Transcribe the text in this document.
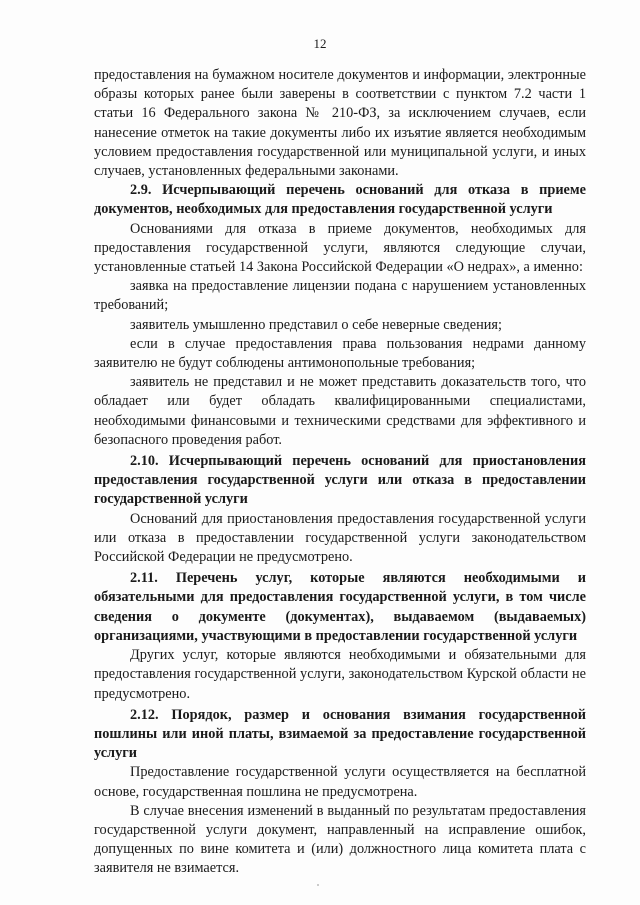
12

предоставления на бумажном носителе документов и информации, электронные образы которых ранее были заверены в соответствии с пунктом 7.2 части 1 статьи 16 Федерального закона № 210-ФЗ, за исключением случаев, если нанесение отметок на такие документы либо их изъятие является необходимым условием предоставления государственной или муниципальной услуги, и иных случаев, установленных федеральными законами.

2.9. Исчерпывающий перечень оснований для отказа в приеме документов, необходимых для предоставления государственной услуги

Основаниями для отказа в приеме документов, необходимых для предоставления государственной услуги, являются следующие случаи, установленные статьей 14 Закона Российской Федерации «О недрах», а именно:

заявка на предоставление лицензии подана с нарушением установленных требований;

заявитель умышленно представил о себе неверные сведения;

если в случае предоставления права пользования недрами данному заявителю не будут соблюдены антимонопольные требования;

заявитель не представил и не может представить доказательств того, что обладает или будет обладать квалифицированными специалистами, необходимыми финансовыми и техническими средствами для эффективного и безопасного проведения работ.

2.10. Исчерпывающий перечень оснований для приостановления предоставления государственной услуги или отказа в предоставлении государственной услуги

Оснований для приостановления предоставления государственной услуги или отказа в предоставлении государственной услуги законодательством Российской Федерации не предусмотрено.

2.11. Перечень услуг, которые являются необходимыми и обязательными для предоставления государственной услуги, в том числе сведения о документе (документах), выдаваемом (выдаваемых) организациями, участвующими в предоставлении государственной услуги

Других услуг, которые являются необходимыми и обязательными для предоставления государственной услуги, законодательством Курской области не предусмотрено.

2.12. Порядок, размер и основания взимания государственной пошлины или иной платы, взимаемой за предоставление государственной услуги

Предоставление государственной услуги осуществляется на бесплатной основе, государственная пошлина не предусмотрена.

В случае внесения изменений в выданный по результатам предоставления государственной услуги документ, направленный на исправление ошибок, допущенных по вине комитета и (или) должностного лица комитета плата с заявителя не взимается.
